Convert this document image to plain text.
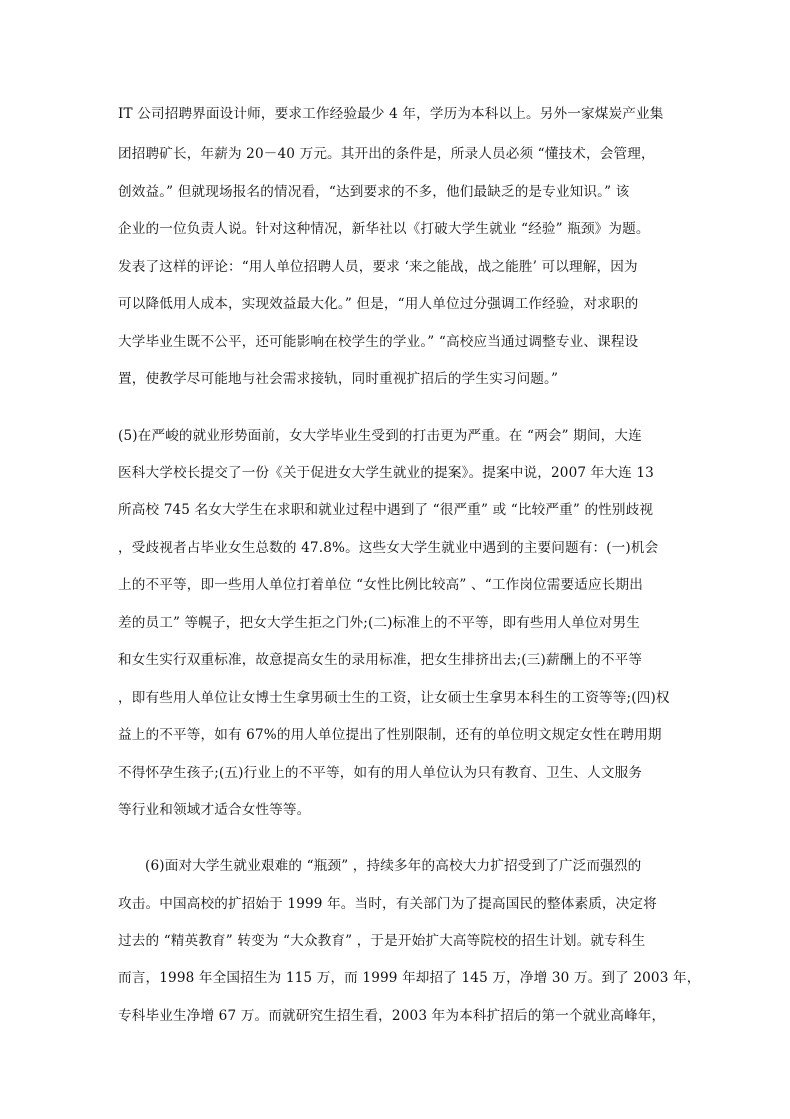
IT 公司招聘界面设计师，要求工作经验最少 4 年，学历为本科以上。另外一家煤炭产业集
团招聘矿长，年薪为 20－40 万元。其开出的条件是，所录人员必须 “懂技术，会管理，
创效益。” 但就现场报名的情况看，“达到要求的不多，他们最缺乏的是专业知识。” 该
企业的一位负责人说。针对这种情况，新华社以《打破大学生就业 “经验” 瓶颈》为题。
发表了这样的评论：“用人单位招聘人员，要求 ‘来之能战，战之能胜’ 可以理解，因为
可以降低用人成本，实现效益最大化。” 但是，“用人单位过分强调工作经验，对求职的
大学毕业生既不公平，还可能影响在校学生的学业。” “高校应当通过调整专业、课程设
置，使教学尽可能地与社会需求接轨，同时重视扩招后的学生实习问题。”
(5)在严峻的就业形势面前，女大学毕业生受到的打击更为严重。在 “两会” 期间，大连
医科大学校长提交了一份《关于促进女大学生就业的提案》。提案中说，2007 年大连 13
所高校 745 名女大学生在求职和就业过程中遇到了 “很严重” 或 “比较严重” 的性别歧视
，受歧视者占毕业女生总数的 47.8%。这些女大学生就业中遇到的主要问题有：(一)机会
上的不平等，即一些用人单位打着单位 “女性比例比较高” 、“工作岗位需要适应长期出
差的员工” 等幌子，把女大学生拒之门外;(二)标准上的不平等，即有些用人单位对男生
和女生实行双重标准，故意提高女生的录用标准，把女生排挤出去;(三)薪酬上的不平等
，即有些用人单位让女博士生拿男硕士生的工资，让女硕士生拿男本科生的工资等等;(四)权
益上的不平等，如有 67%的用人单位提出了性别限制，还有的单位明文规定女性在聘用期
不得怀孕生孩子;(五)行业上的不平等，如有的用人单位认为只有教育、卫生、人文服务
等行业和领域才适合女性等等。
(6)面对大学生就业艰难的 “瓶颈” ，持续多年的高校大力扩招受到了广泛而强烈的
攻击。中国高校的扩招始于 1999 年。当时，有关部门为了提高国民的整体素质，决定将
过去的 “精英教育” 转变为 “大众教育” ，于是开始扩大高等院校的招生计划。就专科生
而言，1998 年全国招生为 115 万，而 1999 年却招了 145 万，净增 30 万。到了 2003 年，
专科毕业生净增 67 万。而就研究生招生看，2003 年为本科扩招后的第一个就业高峰年，
